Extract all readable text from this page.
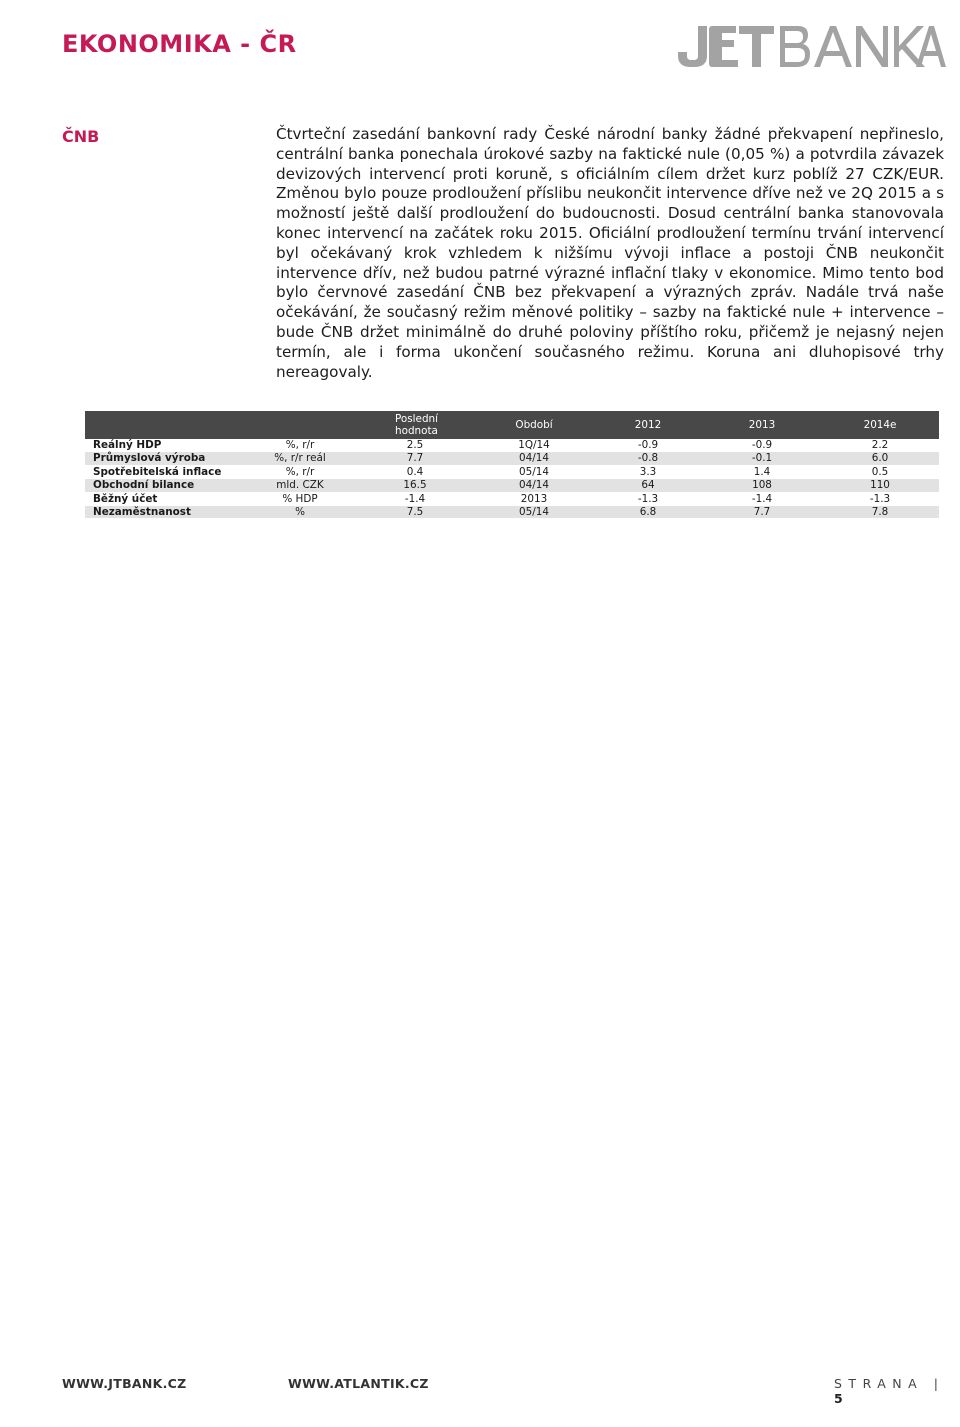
EKONOMIKA - ČR
ČNB	Čtvrteční zasedání bankovní rady České národní banky žádné překvapení nepřineslo, centrální banka ponechala úrokové sazby na faktické nule (0,05 %) a potvrdila závazek devizových intervencí proti koruně, s oficiálním cílem držet kurz poblíž 27 CZK/EUR. Změnou bylo pouze prodloužení příslibu neukončit intervence dříve než ve 2Q 2015 a s možností ještě další prodloužení do budoucnosti. Dosud centrální banka stanovovala konec intervencí na začátek roku 2015. Oficiální prodloužení termínu trvání intervencí byl očekávaný krok vzhledem k nižšímu vývoji inflace a postoji ČNB neukončit intervence dřív, než budou patrné výrazné inflační tlaky v ekonomice. Mimo tento bod bylo červnové zasedání ČNB bez překvapení a výrazných zpráv. Nadále trvá naše očekávání, že současný režim měnové politiky – sazby na faktické nule + intervence – bude ČNB držet minimálně do druhé poloviny příštího roku, přičemž je nejasný nejen termín, ale i forma ukončení současného režimu. Koruna ani dluhopisové trhy nereagovaly.
		Poslední hodnota	Období	2012	2013	2014e
Reálný HDP	%, r/r	2.5	1Q/14	-0.9	-0.9	2.2
Průmyslová výroba	%, r/r reál	7.7	04/14	-0.8	-0.1	6.0
Spotřebitelská inflace	%, r/r	0.4	05/14	3.3	1.4	0.5
Obchodní bilance	mld. CZK	16.5	04/14	64	108	110
Běžný účet	% HDP	-1.4	2013	-1.3	-1.4	-1.3
Nezaměstnanost	%	7.5	05/14	6.8	7.7	7.8
WWW.JTBANK.CZ	WWW.ATLANTIK.CZ	STRANA | 5
